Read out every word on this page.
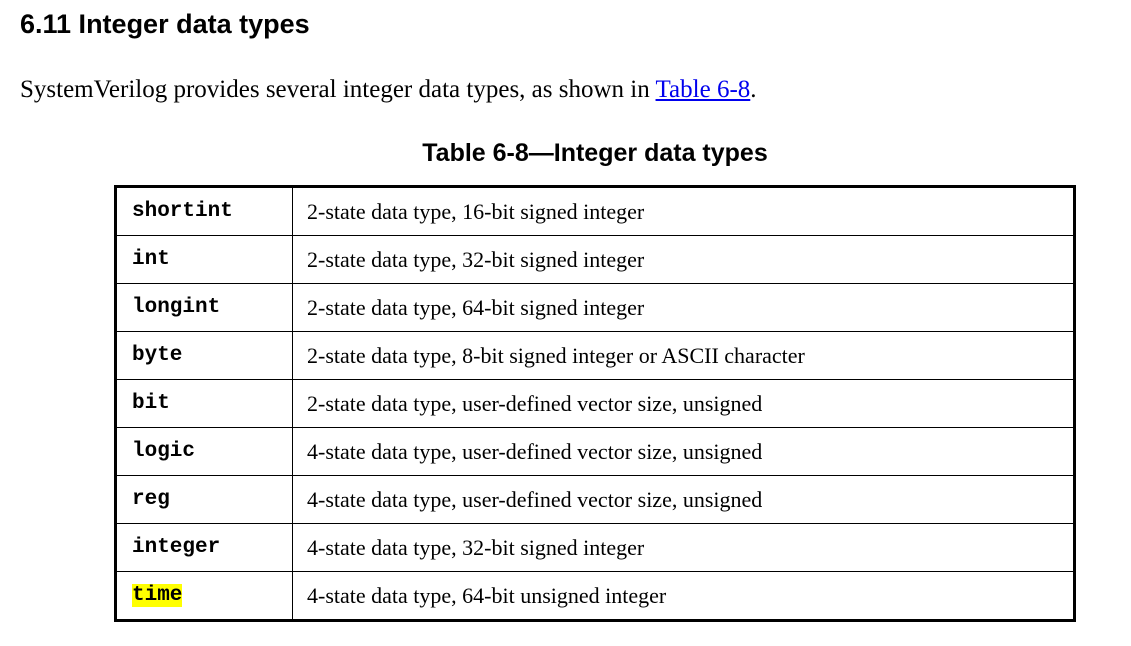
6.11 Integer data types

SystemVerilog provides several integer data types, as shown in Table 6-8.

Table 6-8—Integer data types
shortint	2-state data type, 16-bit signed integer
int	2-state data type, 32-bit signed integer
longint	2-state data type, 64-bit signed integer
byte	2-state data type, 8-bit signed integer or ASCII character
bit	2-state data type, user-defined vector size, unsigned
logic	4-state data type, user-defined vector size, unsigned
reg	4-state data type, user-defined vector size, unsigned
integer	4-state data type, 32-bit signed integer
time	4-state data type, 64-bit unsigned integer
